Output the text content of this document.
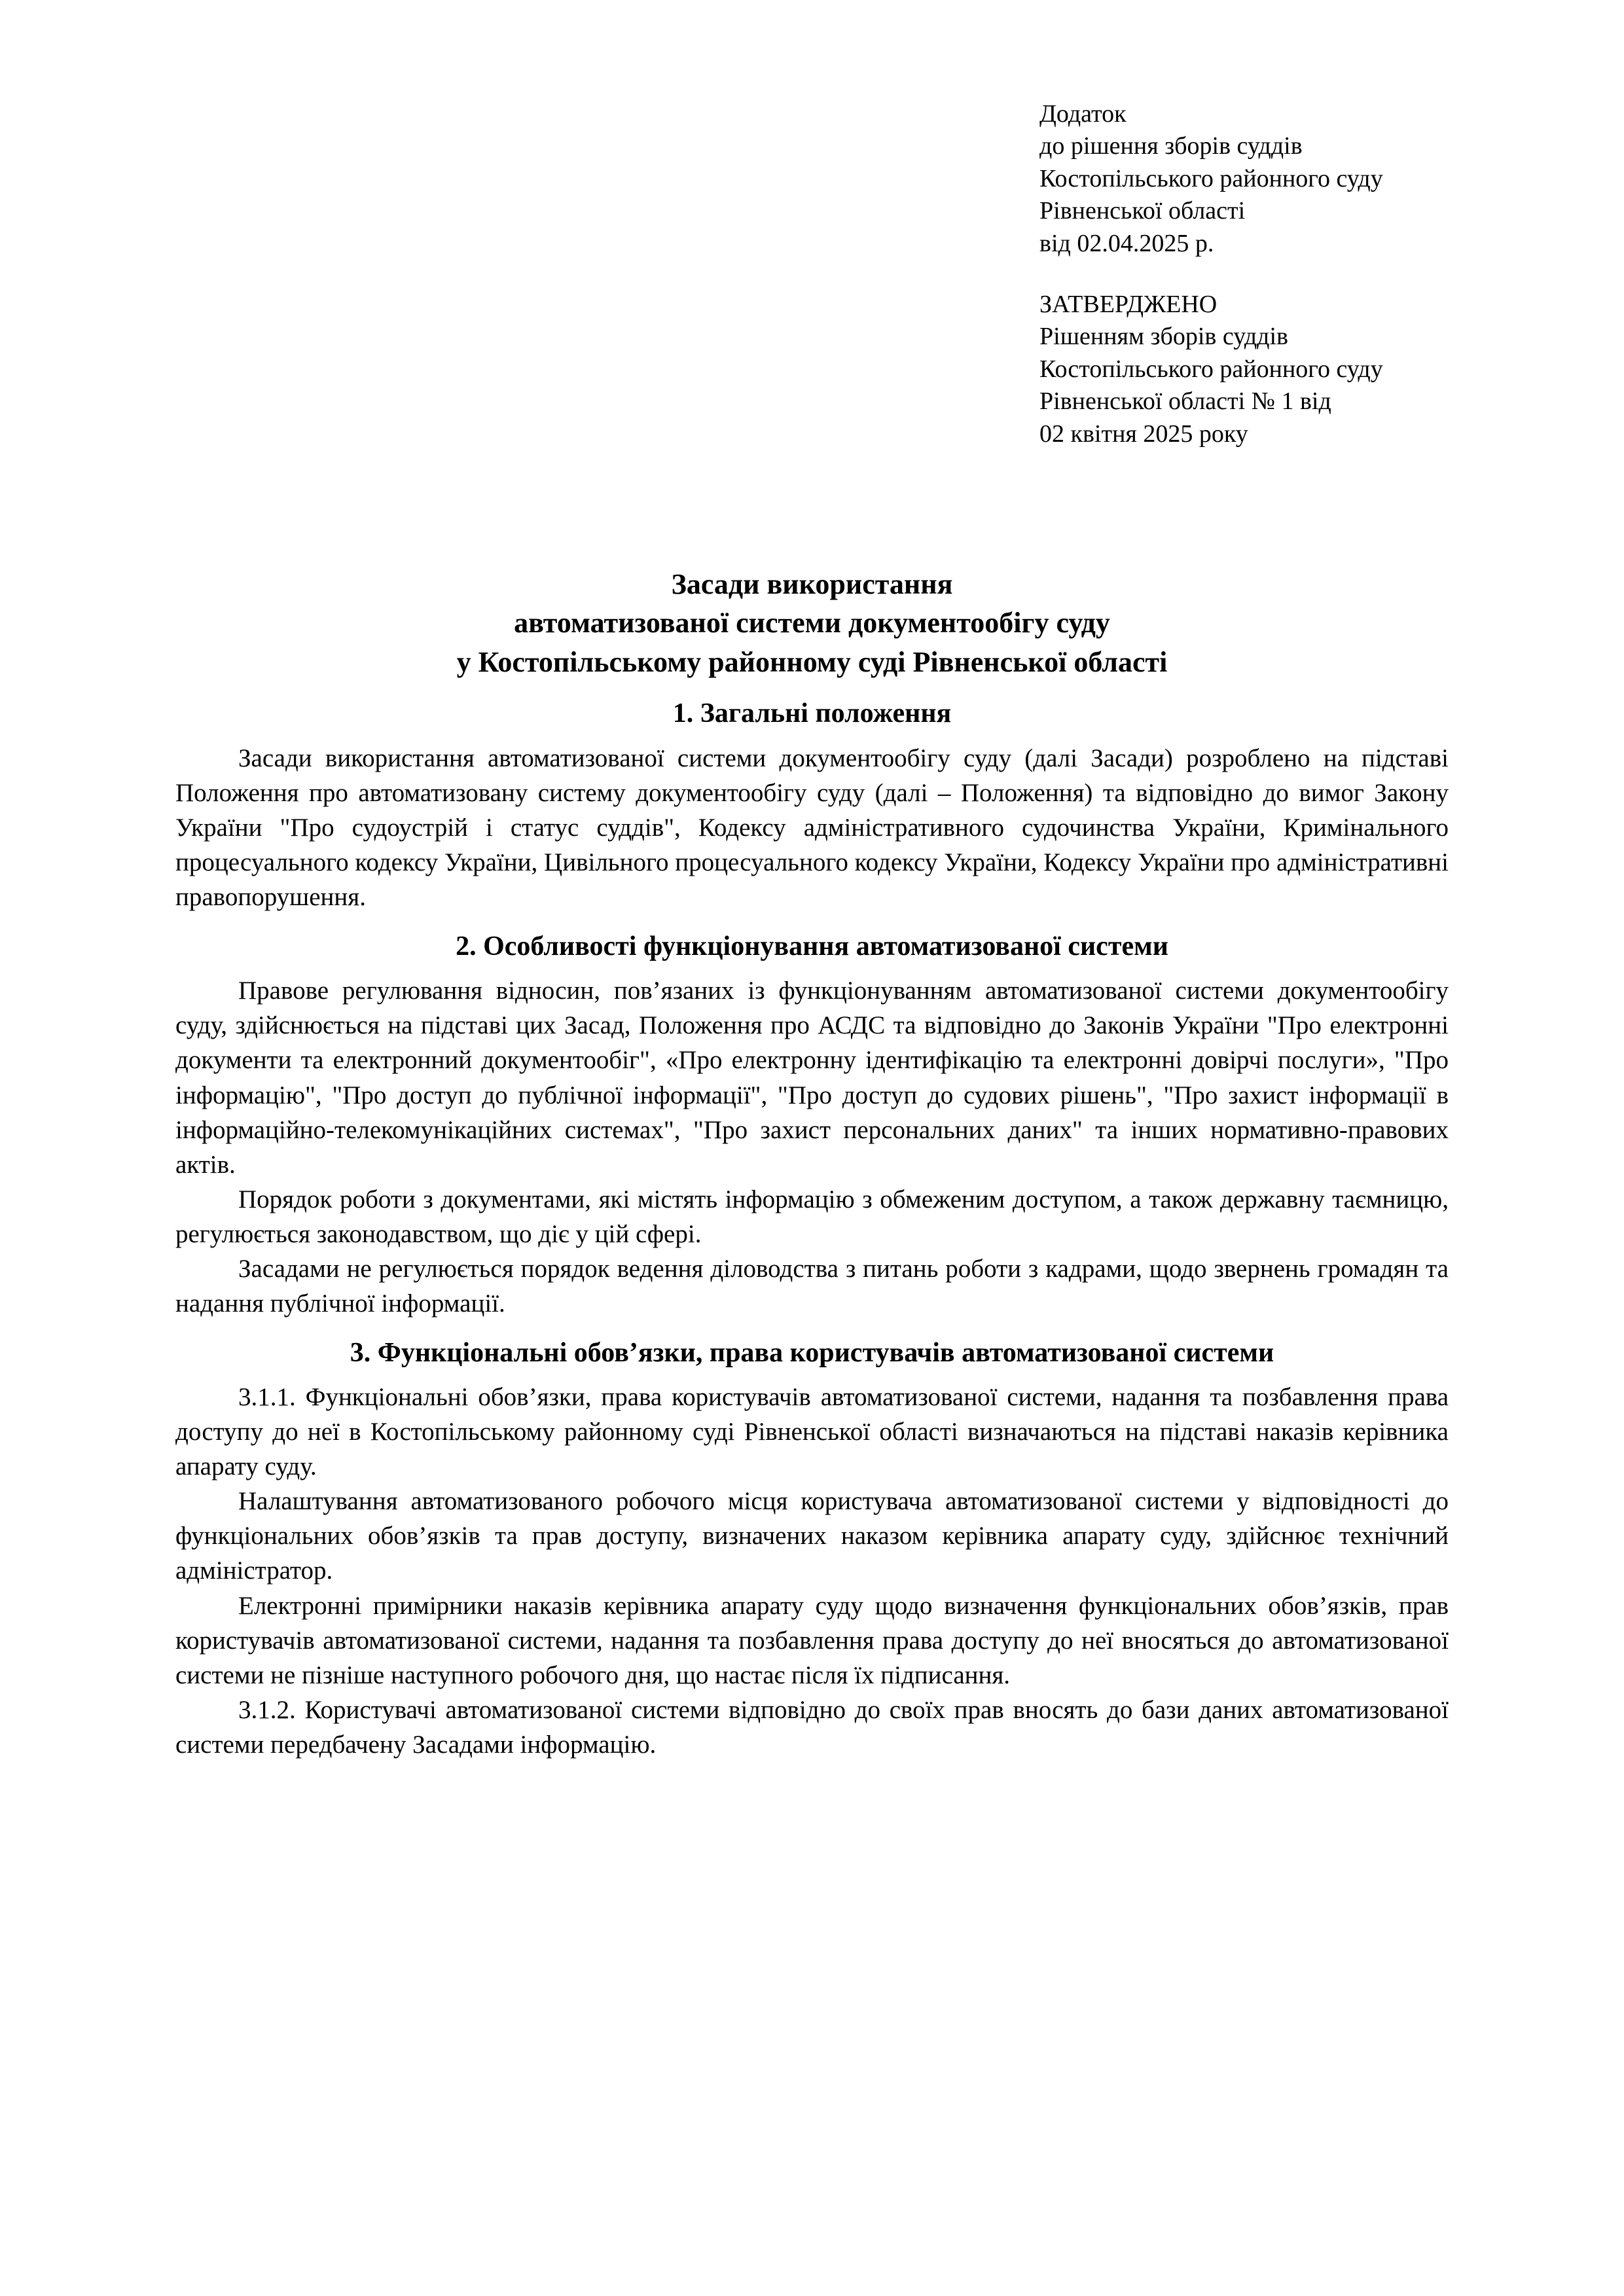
Додаток
до рішення зборів суддів
Костопільського районного суду
Рівненської області
від 02.04.2025 р.
ЗАТВЕРДЖЕНО
Рішенням зборів суддів
Костопільського районного суду
Рівненської області № 1 від
02 квітня 2025 року
Засади використання
автоматизованої системи документообігу суду
у Костопільському районному суді Рівненської області
1. Загальні положення

Засади використання автоматизованої системи документообігу суду (далі Засади) розроблено на підставі Положення про автоматизовану систему документообігу суду (далі – Положення) та відповідно до вимог Закону України "Про судоустрій і статус суддів", Кодексу адміністративного судочинства України, Кримінального процесуального кодексу України, Цивільного процесуального кодексу України, Кодексу України про адміністративні правопорушення.

2. Особливості функціонування автоматизованої системи

Правове регулювання відносин, пов’язаних із функціонуванням автоматизованої системи документообігу суду, здійснюється на підставі цих Засад, Положення про АСДС та відповідно до Законів України "Про електронні документи та електронний документообіг", «Про електронну ідентифікацію та електронні довірчі послуги», "Про інформацію", "Про доступ до публічної інформації", "Про доступ до судових рішень", "Про захист інформації в інформаційно-телекомунікаційних системах", "Про захист персональних даних" та інших нормативно-правових актів.

Порядок роботи з документами, які містять інформацію з обмеженим доступом, а також державну таємницю, регулюється законодавством, що діє у цій сфері.

Засадами не регулюється порядок ведення діловодства з питань роботи з кадрами, щодо звернень громадян та надання публічної інформації.

3. Функціональні обов’язки, права користувачів автоматизованої системи

3.1.1. Функціональні обов’язки, права користувачів автоматизованої системи, надання та позбавлення права доступу до неї в Костопільському районному суді Рівненської області визначаються на підставі наказів керівника апарату суду.

Налаштування автоматизованого робочого місця користувача автоматизованої системи у відповідності до функціональних обов’язків та прав доступу, визначених наказом керівника апарату суду, здійснює технічний адміністратор.

Електронні примірники наказів керівника апарату суду щодо визначення функціональних обов’язків, прав користувачів автоматизованої системи, надання та позбавлення права доступу до неї вносяться до автоматизованої системи не пізніше наступного робочого дня, що настає після їх підписання.

3.1.2. Користувачі автоматизованої системи відповідно до своїх прав вносять до бази даних автоматизованої системи передбачену Засадами інформацію.
